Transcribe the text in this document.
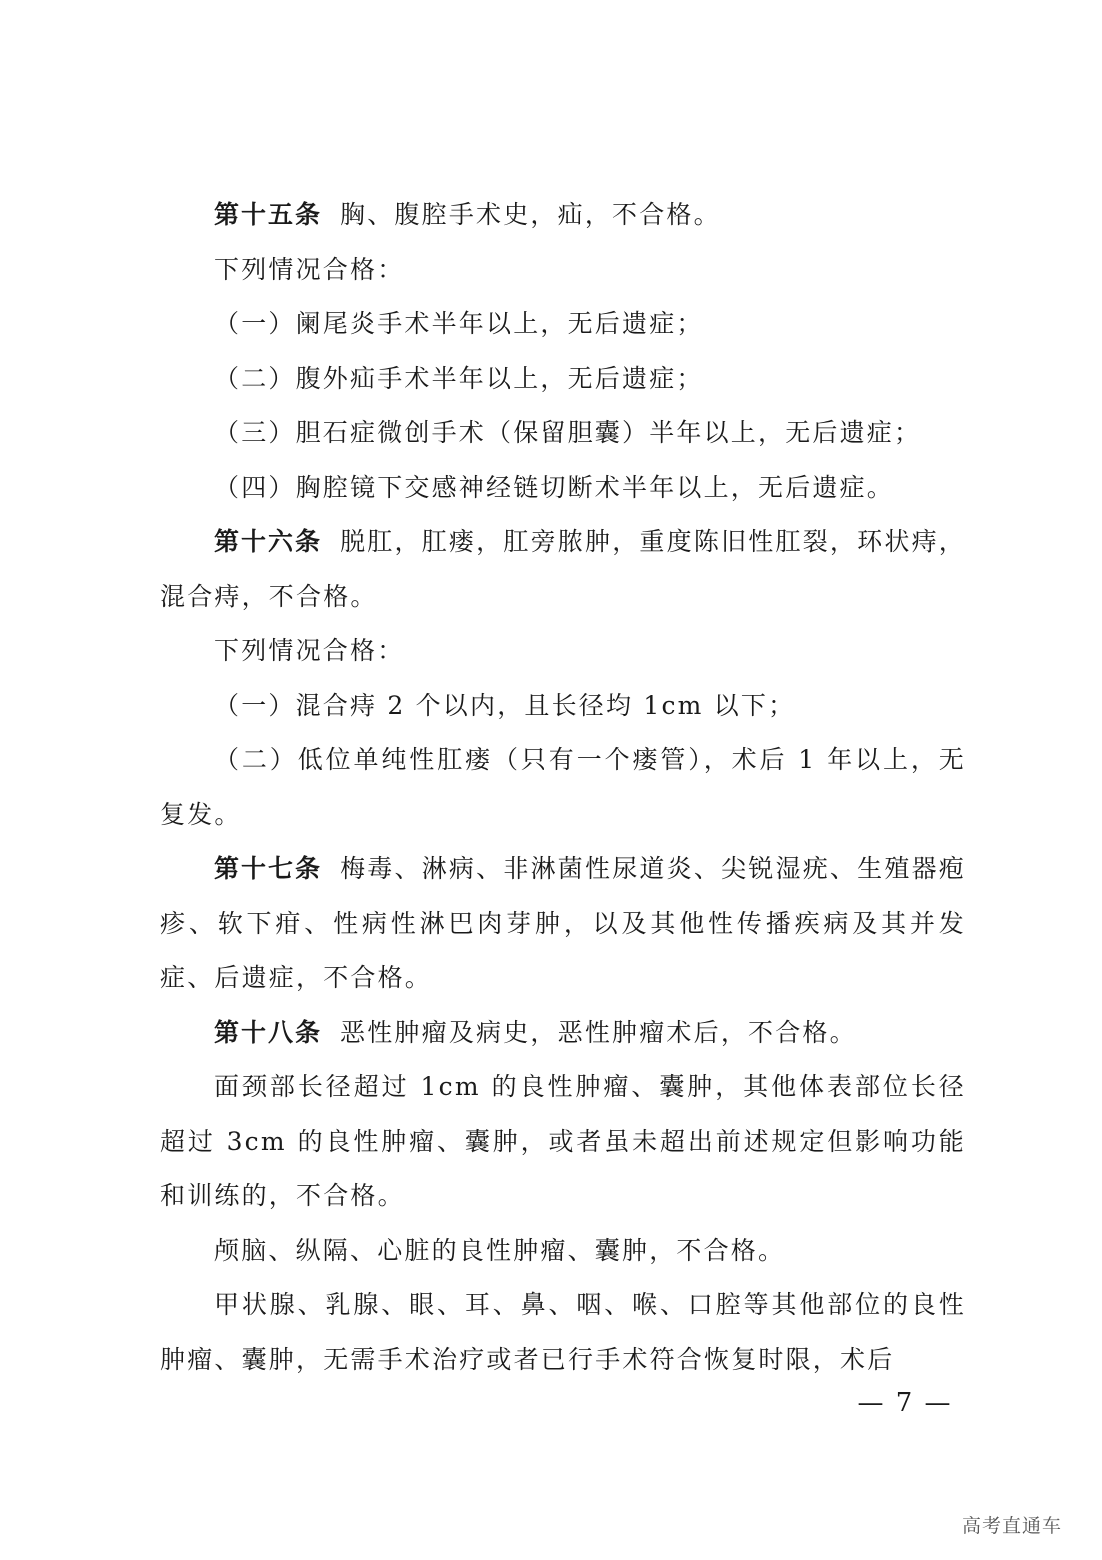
第十五条 胸、腹腔手术史，疝，不合格。

下列情况合格：

（一）阑尾炎手术半年以上，无后遗症；

（二）腹外疝手术半年以上，无后遗症；

（三）胆石症微创手术（保留胆囊）半年以上，无后遗症；

（四）胸腔镜下交感神经链切断术半年以上，无后遗症。

第十六条 脱肛，肛瘘，肛旁脓肿，重度陈旧性肛裂，环状痔，混合痔，不合格。

下列情况合格：

（一）混合痔 2 个以内，且长径均 1cm 以下；

（二）低位单纯性肛瘘（只有一个瘘管），术后 1 年以上，无复发。

第十七条 梅毒、淋病、非淋菌性尿道炎、尖锐湿疣、生殖器疱疹、软下疳、性病性淋巴肉芽肿，以及其他性传播疾病及其并发症、后遗症，不合格。

第十八条 恶性肿瘤及病史，恶性肿瘤术后，不合格。

面颈部长径超过 1cm 的良性肿瘤、囊肿，其他体表部位长径超过 3cm 的良性肿瘤、囊肿，或者虽未超出前述规定但影响功能和训练的，不合格。

颅脑、纵隔、心脏的良性肿瘤、囊肿，不合格。

甲状腺、乳腺、眼、耳、鼻、咽、喉、口腔等其他部位的良性肿瘤、囊肿，无需手术治疗或者已行手术符合恢复时限，术后

— 7 —
高考直通车
